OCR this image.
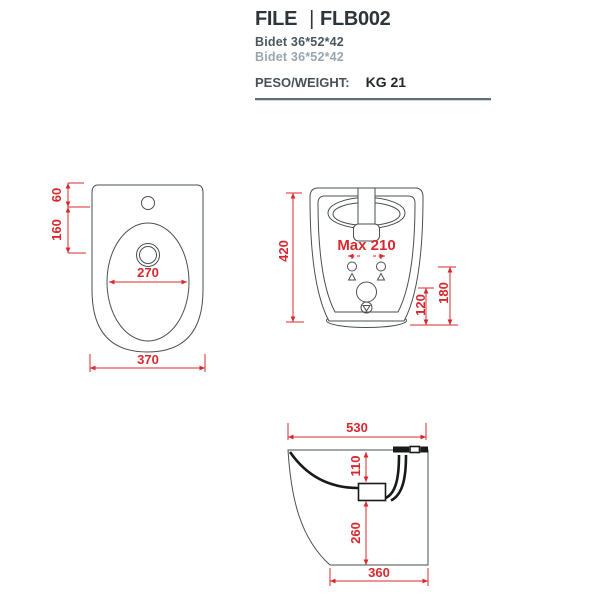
FILE | FLB002
Bidet 36*52*42
Bidet 36*52*42
PESO/WEIGHT: KG 21
270
370
60
160
420	Max 210
180
120
530
110
260
360
